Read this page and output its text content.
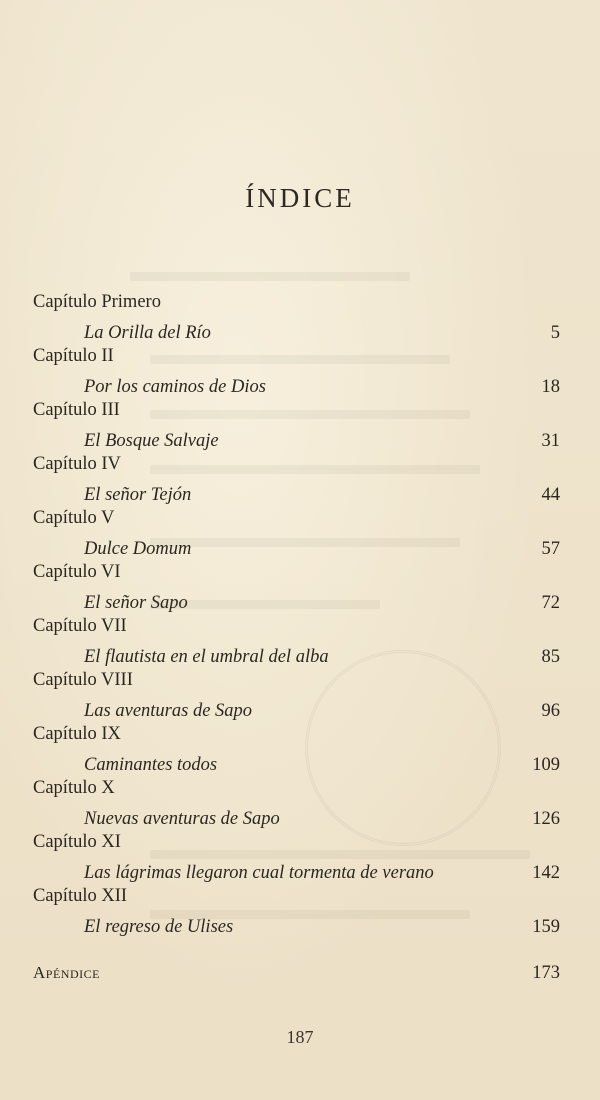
ÍNDICE
Capítulo Primero
La Orilla del Río	5
Capítulo II
Por los caminos de Dios	18
Capítulo III
El Bosque Salvaje	31
Capítulo IV
El señor Tejón	44
Capítulo V
Dulce Domum	57
Capítulo VI
El señor Sapo	72
Capítulo VII
El flautista en el umbral del alba	85
Capítulo VIII
Las aventuras de Sapo	96
Capítulo IX
Caminantes todos	109
Capítulo X
Nuevas aventuras de Sapo	126
Capítulo XI
Las lágrimas llegaron cual tormenta de verano	142
Capítulo XII
El regreso de Ulises	159
Apéndice	173
187
